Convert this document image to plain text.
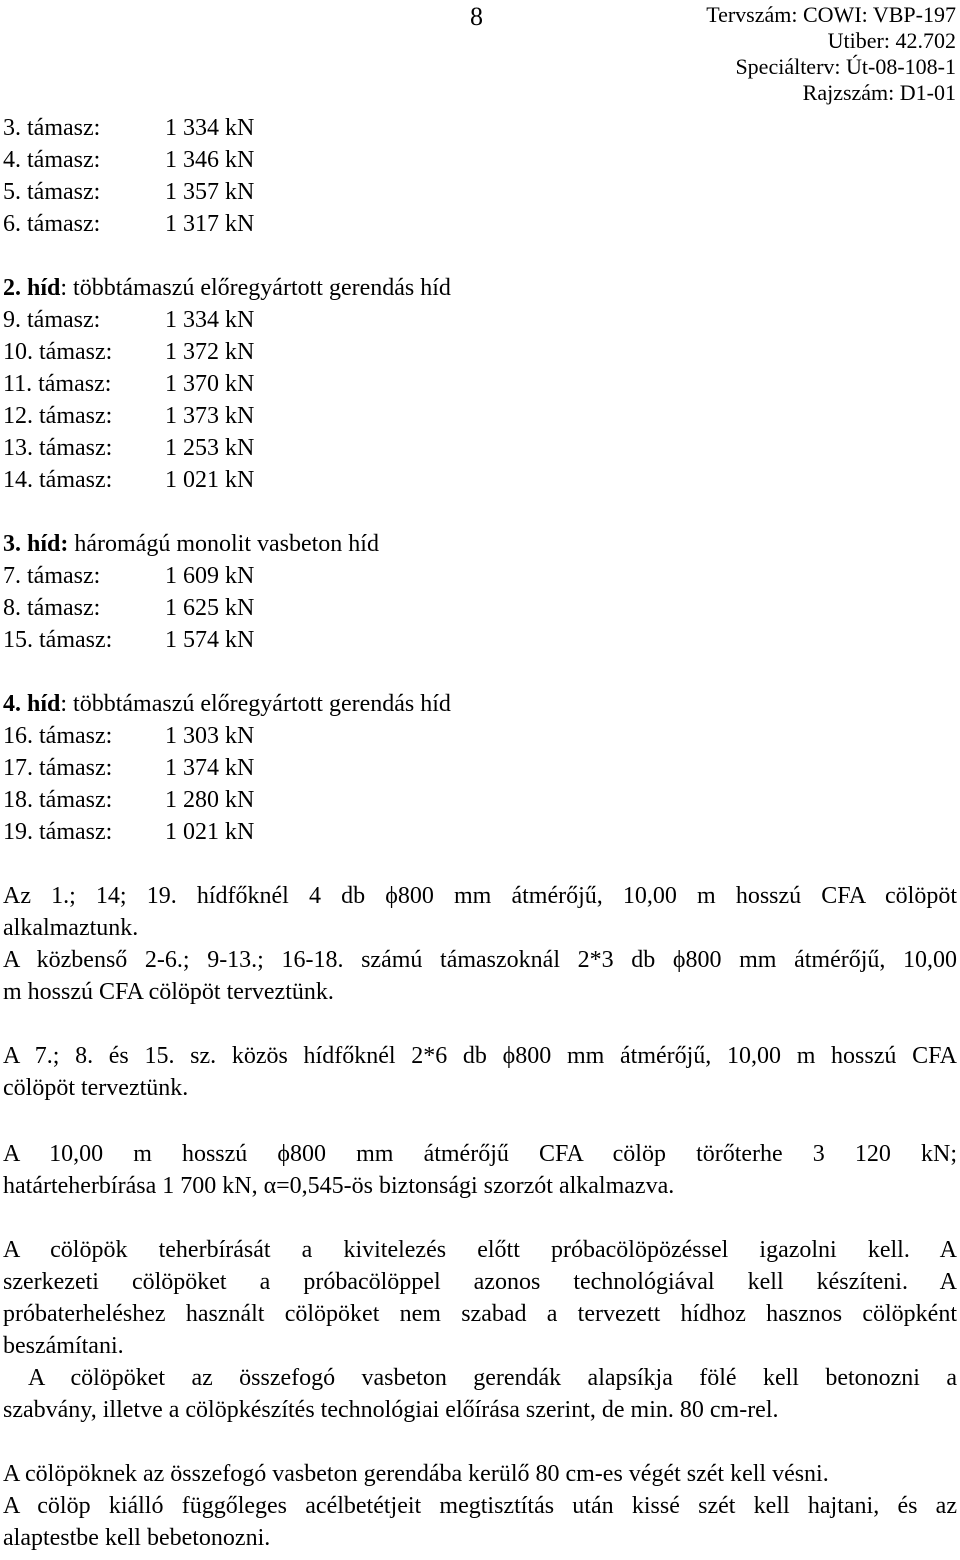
8	Tervszám: COWI: VBP-197
Utiber: 42.702
Speciálterv: Út-08-108-1
Rajzszám: D1-01
3. támasz:	1 334 kN
4. támasz:	1 346 kN
5. támasz:	1 357 kN
6. támasz:	1 317 kN
2. híd: többtámaszú előregyártott gerendás híd
9. támasz:	1 334 kN
10. támasz:	1 372 kN
11. támasz:	1 370 kN
12. támasz:	1 373 kN
13. támasz:	1 253 kN
14. támasz:	1 021 kN
3. híd: háromágú monolit vasbeton híd
7. támasz:	1 609 kN
8. támasz:	1 625 kN
15. támasz:	1 574 kN
4. híd: többtámaszú előregyártott gerendás híd
16. támasz:	1 303 kN
17. támasz:	1 374 kN
18. támasz:	1 280 kN
19. támasz:	1 021 kN
Az 1.; 14; 19. hídfőknél 4 db ϕ800 mm átmérőjű, 10,00 m hosszú CFA cölöpöt
alkalmaztunk.
A közbenső 2-6.; 9-13.; 16-18. számú támaszoknál 2*3 db ϕ800 mm átmérőjű, 10,00
m hosszú CFA cölöpöt terveztünk.
A 7.; 8. és 15. sz. közös hídfőknél 2*6 db ϕ800 mm átmérőjű, 10,00 m hosszú CFA
cölöpöt terveztünk.
A 10,00 m hosszú ϕ800 mm átmérőjű CFA cölöp törőterhe 3 120 kN;
határteherbírása 1 700 kN, α=0,545-ös biztonsági szorzót alkalmazva.
A cölöpök teherbírását a kivitelezés előtt próbacölöpözéssel igazolni kell. A
szerkezeti cölöpöket a próbacölöppel azonos technológiával kell készíteni. A
próbaterheléshez használt cölöpöket nem szabad a tervezett hídhoz hasznos cölöpként
beszámítani.
A cölöpöket az összefogó vasbeton gerendák alapsíkja fölé kell betonozni a
szabvány, illetve a cölöpkészítés technológiai előírása szerint, de min. 80 cm-rel.
A cölöpöknek az összefogó vasbeton gerendába kerülő 80 cm-es végét szét kell vésni.
A cölöp kiálló függőleges acélbetétjeit megtisztítás után kissé szét kell hajtani, és az
alaptestbe kell bebetonozni.
